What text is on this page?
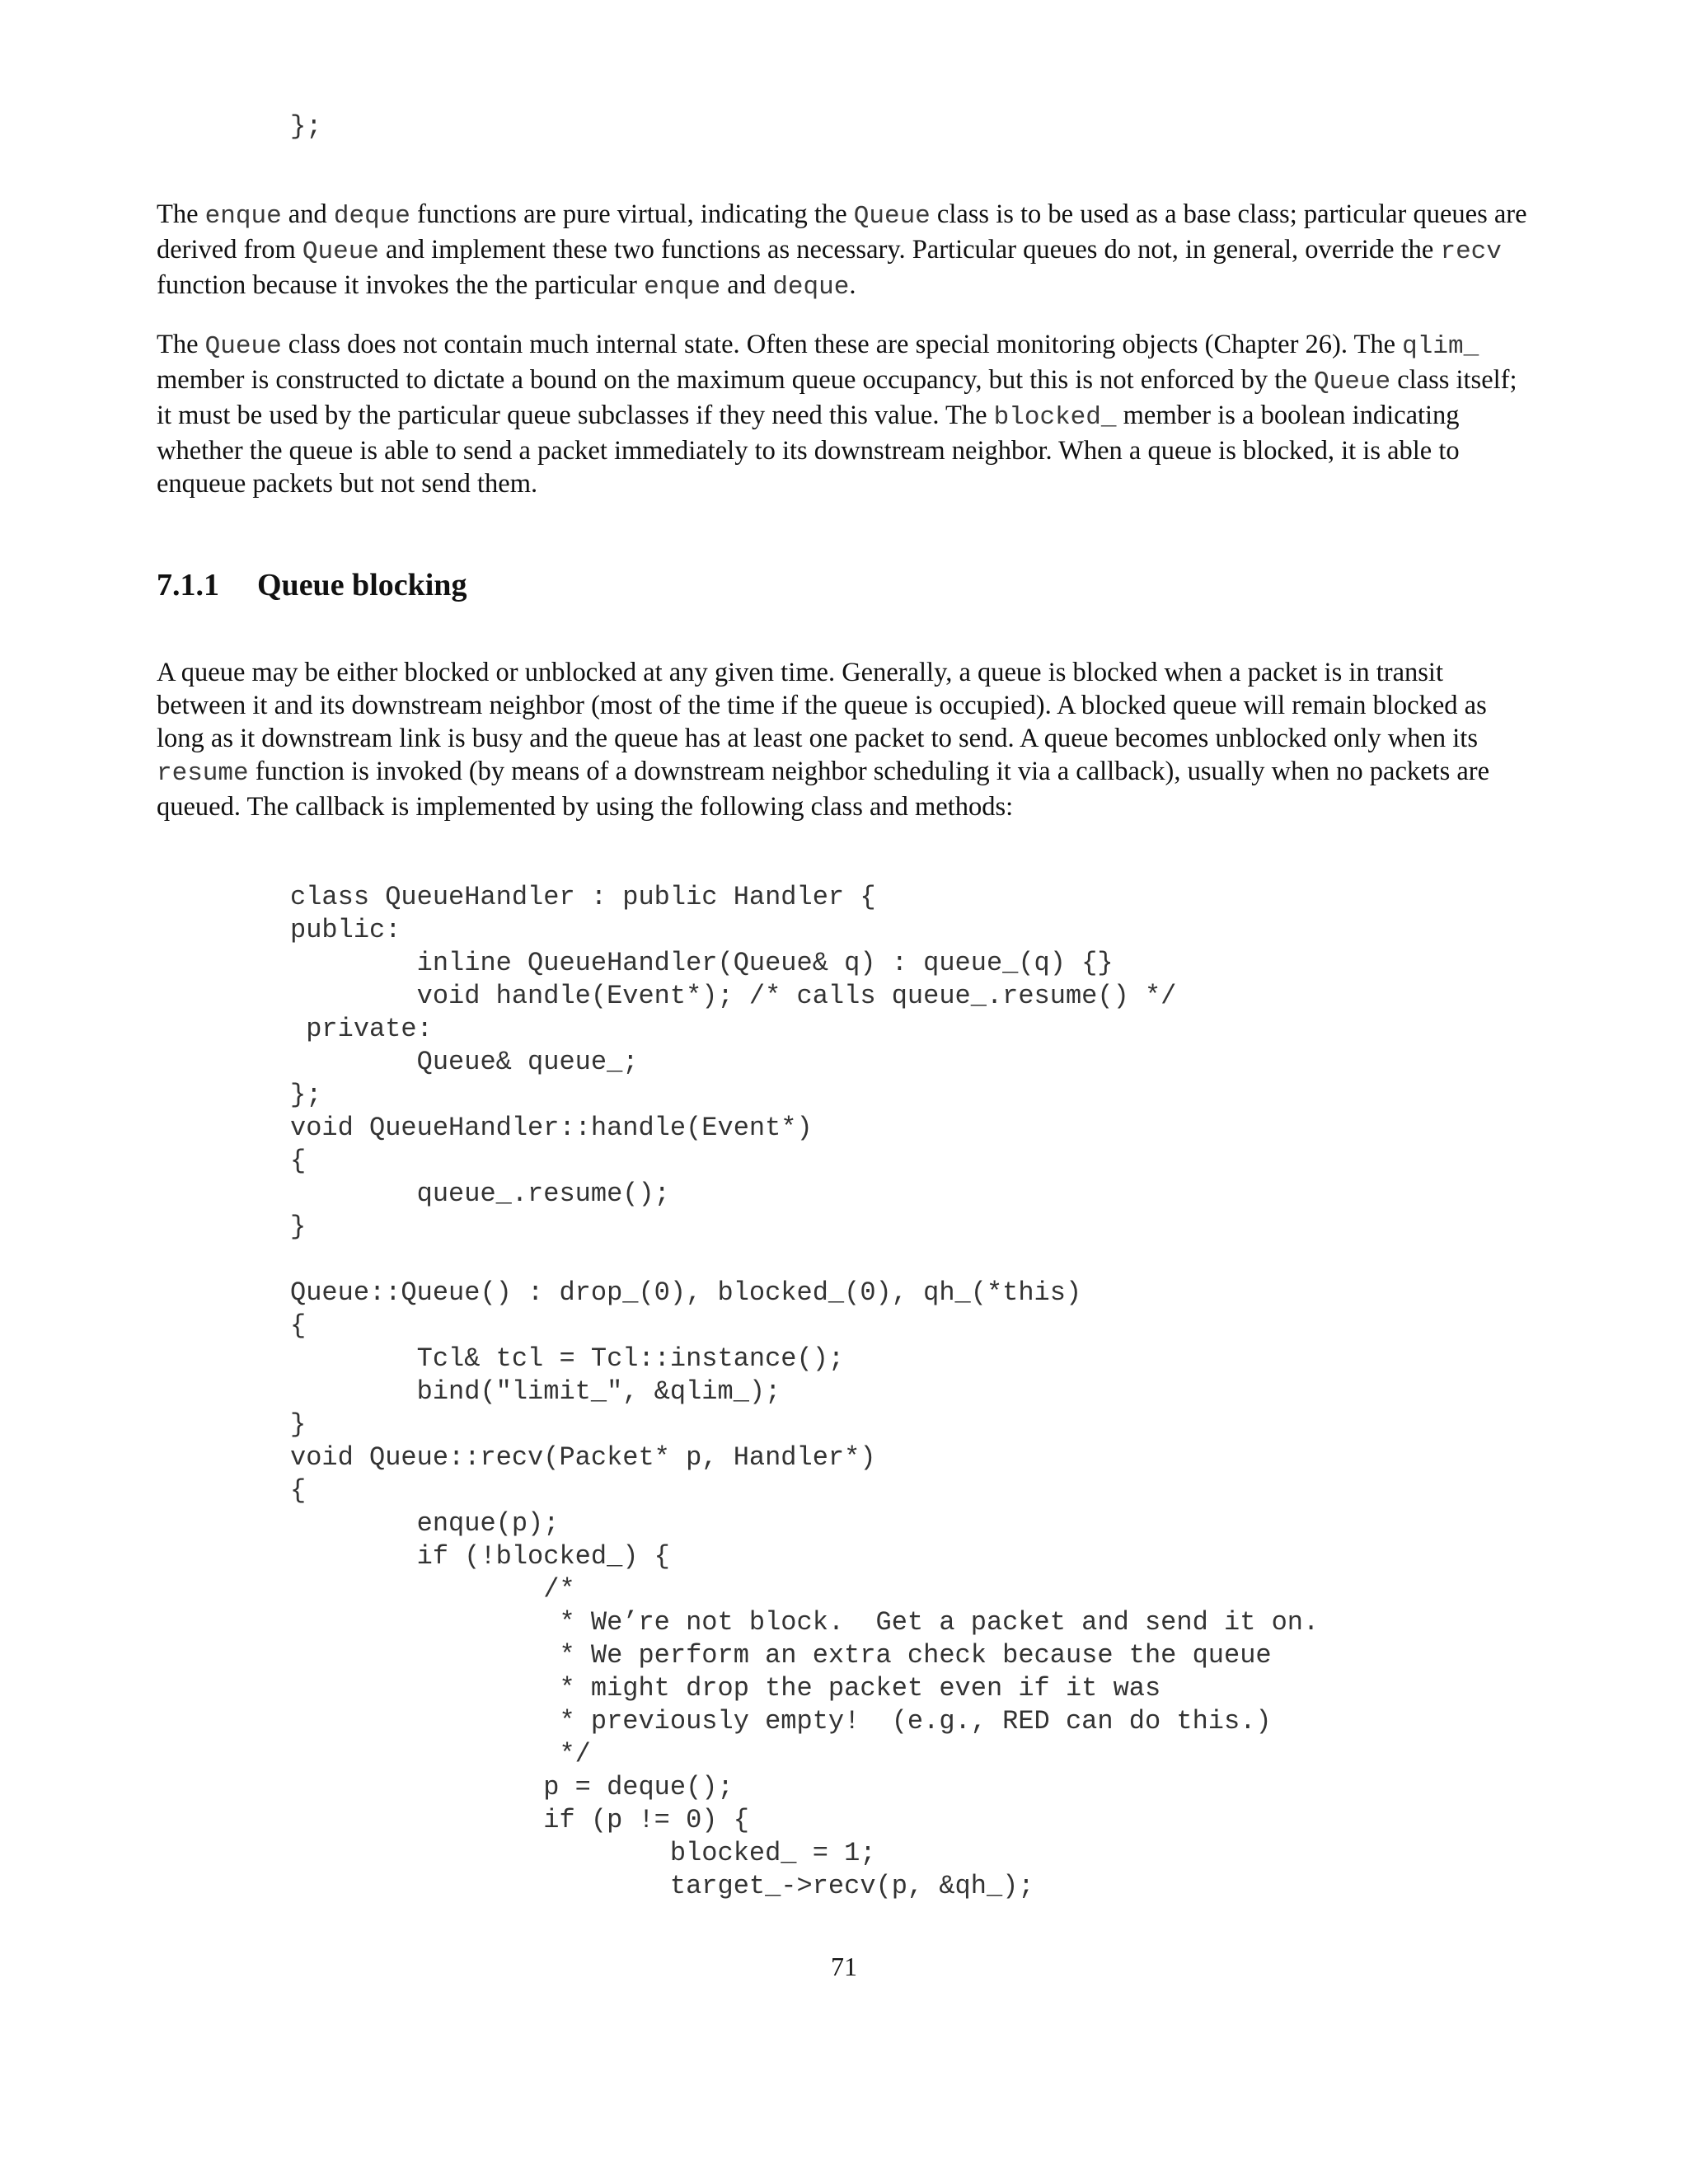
};

The enque and deque functions are pure virtual, indicating the Queue class is to be used as a base class; particular queues are derived from Queue and implement these two functions as necessary. Particular queues do not, in general, override the recv function because it invokes the the particular enque and deque.

The Queue class does not contain much internal state. Often these are special monitoring objects (Chapter 26). The qlim_ member is constructed to dictate a bound on the maximum queue occupancy, but this is not enforced by the Queue class itself; it must be used by the particular queue subclasses if they need this value. The blocked_ member is a boolean indicating whether the queue is able to send a packet immediately to its downstream neighbor. When a queue is blocked, it is able to enqueue packets but not send them.

7.1.1 Queue blocking

A queue may be either blocked or unblocked at any given time. Generally, a queue is blocked when a packet is in transit between it and its downstream neighbor (most of the time if the queue is occupied). A blocked queue will remain blocked as long as it downstream link is busy and the queue has at least one packet to send. A queue becomes unblocked only when its resume function is invoked (by means of a downstream neighbor scheduling it via a callback), usually when no packets are queued. The callback is implemented by using the following class and methods:

class QueueHandler : public Handler {
public:
inline QueueHandler(Queue& q) : queue_(q) {}
void handle(Event*); /* calls queue_.resume() */
private:
Queue& queue_;
};
void QueueHandler::handle(Event*)
{
queue_.resume();
}

Queue::Queue() : drop_(0), blocked_(0), qh_(*this)
{
Tcl& tcl = Tcl::instance();
bind("limit_", &qlim_);
}
void Queue::recv(Packet* p, Handler*)
{
enque(p);
if (!blocked_) {
/*
* We’re not block.  Get a packet and send it on.
* We perform an extra check because the queue
* might drop the packet even if it was
* previously empty!  (e.g., RED can do this.)
*/
p = deque();
if (p != 0) {
blocked_ = 1;
target_->recv(p, &qh_);
71
